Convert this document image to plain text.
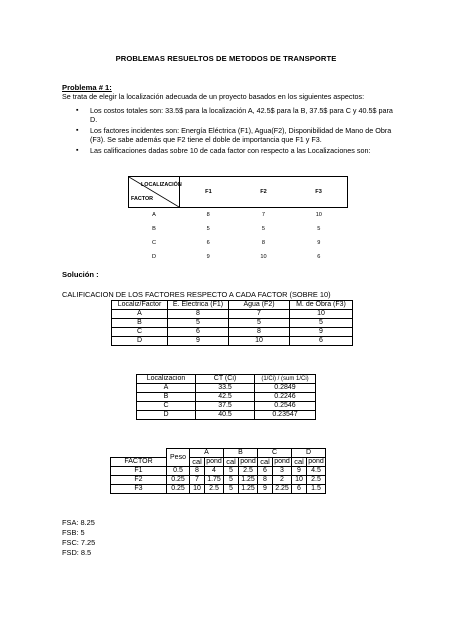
PROBLEMAS RESUELTOS DE METODOS DE TRANSPORTE
Problema # 1:
Se trata de elegir la localización adecuada de un proyecto basados en los siguientes aspectos:
▪ Los costos totales son: 33.5$ para la localización A, 42.5$ para la B, 37.5$ para C y 40.5$ para D.
▪ Los factores incidentes son: Energía Eléctrica (F1), Agua(F2), Disponibilidad de Mano de Obra (F3). Se sabe además que F2 tiene el doble de importancia que F1 y F3.
▪ Las calificaciones dadas sobre 10 de cada factor con respecto a las Localizaciones son:
LOCALIZACIÓN
FACTOR	F1	F2	F3
A	8	7	10
B	5	5	5
C	6	8	9
D	9	10	6
Solución :
CALIFICACION DE LOS FACTORES RESPECTO A CADA FACTOR (SOBRE 10)
Localiz/Factor	E. Electrica (F1)	Agua (F2)	M. de Obra (F3)
A	8	7	10
B	5	5	5
C	6	8	9
D	9	10	6
Localizacion	CT (Ci)	(1/Ci) / (sum 1/Ci)
A	33.5	0.2849
B	42.5	0.2246
C	37.5	0.2546
D	40.5	0.23547
	Peso	A		B		C		D	
FACTOR		cal	pond	cal	pond	cal	pond	cal	pond
F1	0.5	8	4	5	2.5	6	3	9	4.5
F2	0.25	7	1.75	5	1.25	8	2	10	2.5
F3	0.25	10	2.5	5	1.25	9	2.25	6	1.5
FSA: 8.25
FSB: 5
FSC: 7.25
FSD: 8.5
